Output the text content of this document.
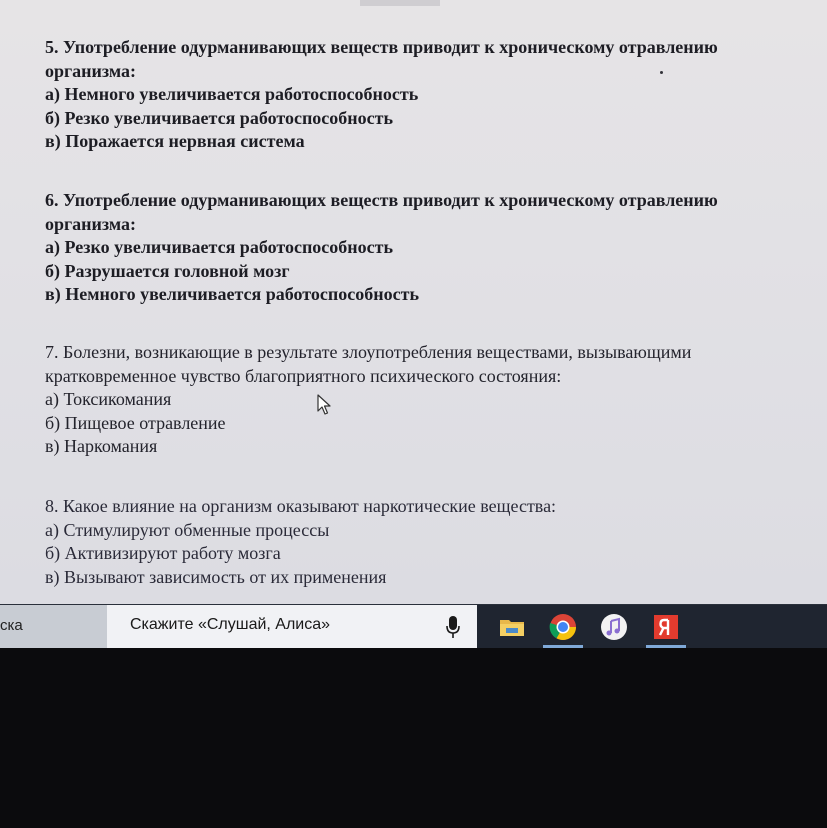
5. Употребление одурманивающих веществ приводит к хроническому отравлению организма:
а) Немного увеличивается работоспособность
б) Резко увеличивается работоспособность
в) Поражается нервная система
6. Употребление одурманивающих веществ приводит к хроническому отравлению организма:
а) Резко увеличивается работоспособность
б) Разрушается головной мозг
в) Немного увеличивается работоспособность
7. Болезни, возникающие в результате злоупотребления веществами, вызывающими кратковременное чувство благоприятного психического состояния:
а) Токсикомания
б) Пищевое отравление
в) Наркомания
8. Какое влияние на организм оказывают наркотические вещества:
а) Стимулируют обменные процессы
б) Активизируют работу мозга
в) Вызывают зависимость от их применения
ска	Скажите «Слушай, Алиса»
